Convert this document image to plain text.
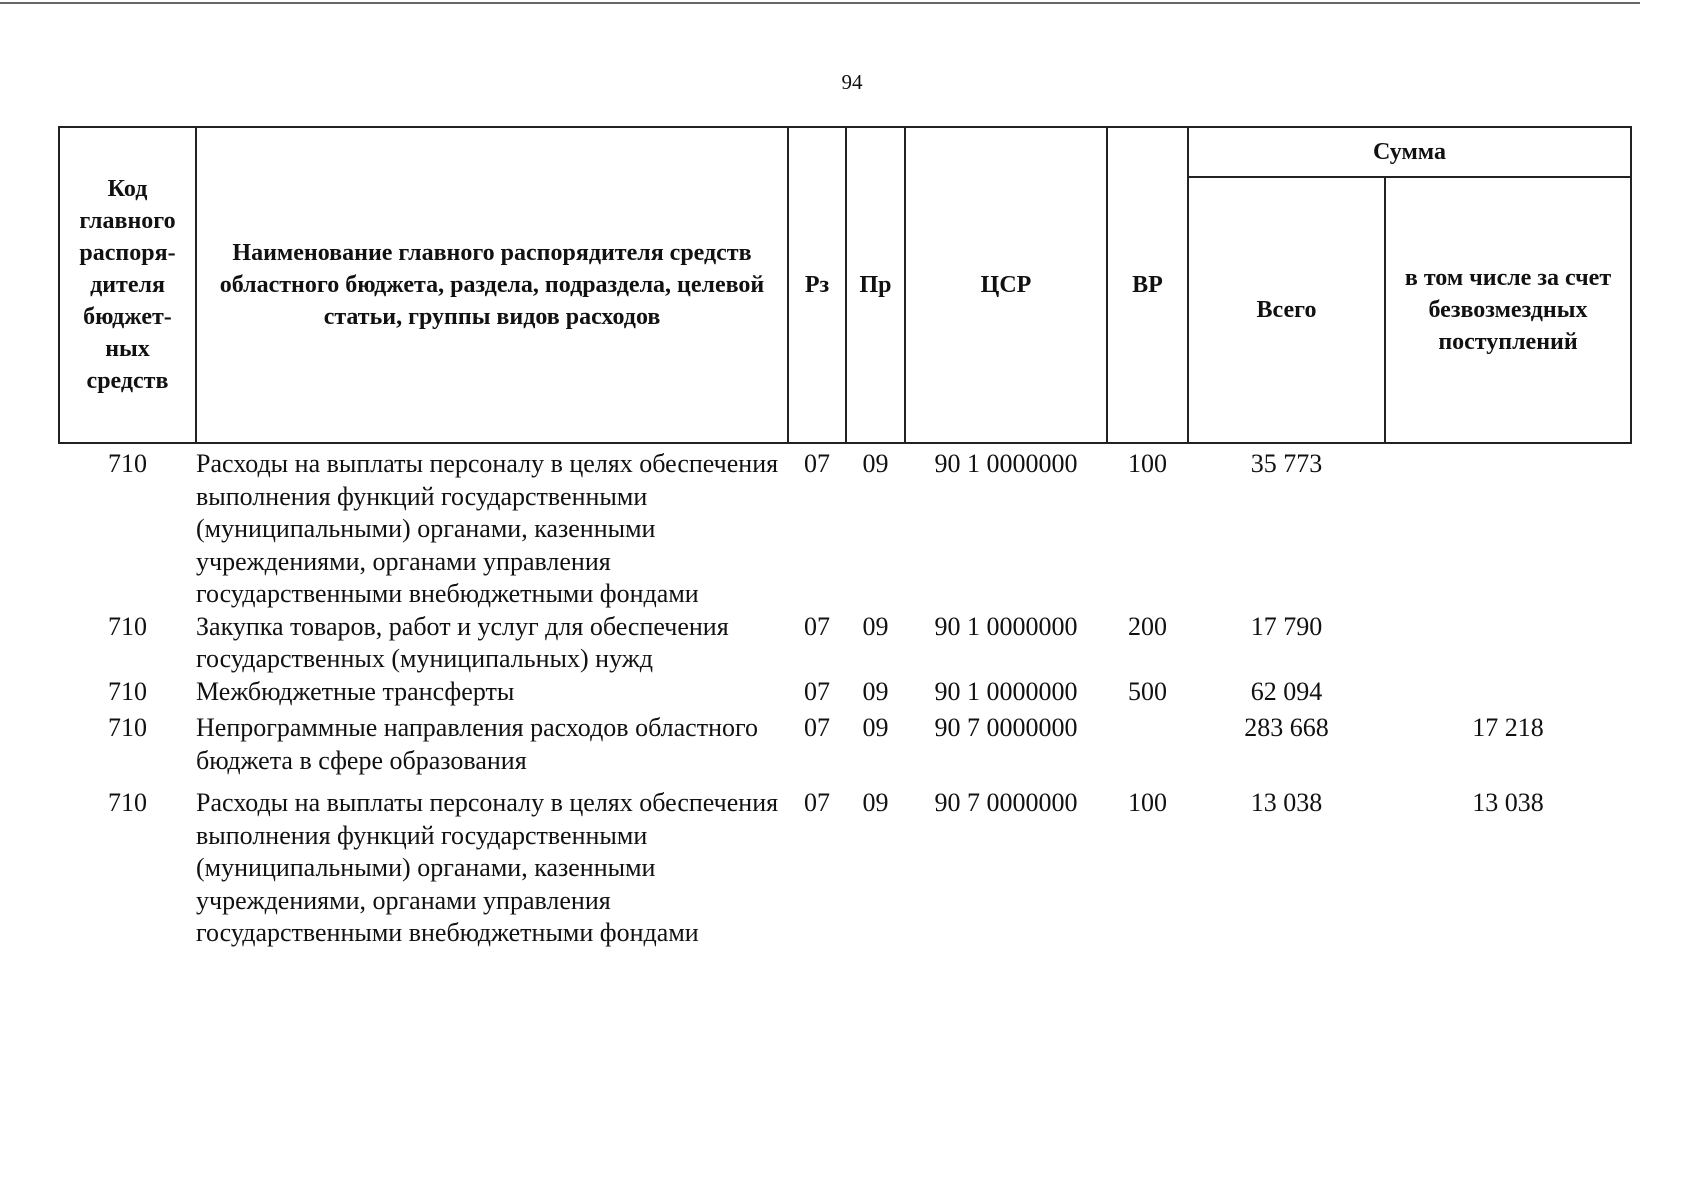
94
Код главного распоря-дителя бюджет-ных средств	Наименование главного распорядителя средств областного бюджета, раздела, подраздела, целевой статьи, группы видов расходов	Рз	Пр	ЦСР	ВР	Сумма	
						Всего	в том числе за счет безвозмездных поступлений
710	Расходы на выплаты персоналу в целях обеспечения выполнения функций государственными (муниципальными) органами, казенными учреждениями, органами управления государственными внебюджетными фондами	07	09	90 1 0000000	100	35 773	
710	Закупка товаров, работ и услуг для обеспечения государственных (муниципальных) нужд	07	09	90 1 0000000	200	17 790	
710	Межбюджетные трансферты	07	09	90 1 0000000	500	62 094	
710	Непрограммные направления расходов областного бюджета в сфере образования	07	09	90 7 0000000		283 668	17 218
710	Расходы на выплаты персоналу в целях обеспечения выполнения функций государственными (муниципальными) органами, казенными учреждениями, органами управления государственными внебюджетными фондами	07	09	90 7 0000000	100	13 038	13 038
